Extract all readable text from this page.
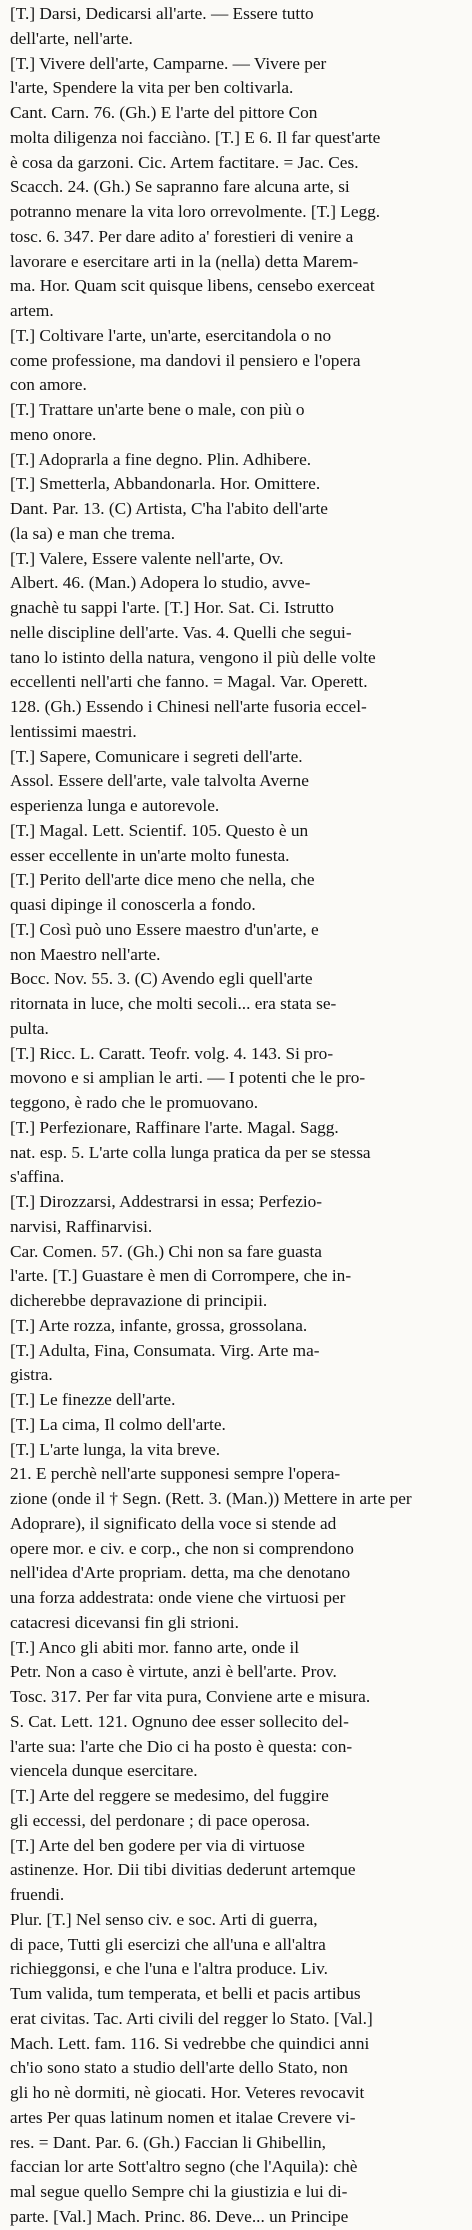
[T.] Darsi, Dedicarsi all'arte. — Essere tutto
dell'arte, nell'arte.
[T.] Vivere dell'arte, Camparne. — Vivere per
l'arte, Spendere la vita per ben coltivarla.
Cant. Carn. 76. (Gh.) E l'arte del pittore Con
molta diligenza noi facciàno. [T.] E 6. Il far quest'arte
è cosa da garzoni. Cic. Artem factitare. = Jac. Ces.
Scacch. 24. (Gh.) Se sapranno fare alcuna arte, si
potranno menare la vita loro orrevolmente. [T.] Legg.
tosc. 6. 347. Per dare adito a' forestieri di venire a
lavorare e esercitare arti in la (nella) detta Marem-
ma. Hor. Quam scit quisque libens, censebo exerceat
artem.
[T.] Coltivare l'arte, un'arte, esercitandola o no
come professione, ma dandovi il pensiero e l'opera
con amore.
[T.] Trattare un'arte bene o male, con più o
meno onore.
[T.] Adoprarla a fine degno. Plin. Adhibere.
[T.] Smetterla, Abbandonarla. Hor. Omittere.
Dant. Par. 13. (C) Artista, C'ha l'abito dell'arte
(la sa) e man che trema.
[T.] Valere, Essere valente nell'arte, Ov.
Albert. 46. (Man.) Adopera lo studio, avve-
gnachè tu sappi l'arte. [T.] Hor. Sat. Ci. Istrutto
nelle discipline dell'arte. Vas. 4. Quelli che segui-
tano lo istinto della natura, vengono il più delle volte
eccellenti nell'arti che fanno. = Magal. Var. Operett.
128. (Gh.) Essendo i Chinesi nell'arte fusoria eccel-
lentissimi maestri.
[T.] Sapere, Comunicare i segreti dell'arte.
Assol. Essere dell'arte, vale talvolta Averne
esperienza lunga e autorevole.
[T.] Magal. Lett. Scientif. 105. Questo è un
esser eccellente in un'arte molto funesta.
[T.] Perito dell'arte dice meno che nella, che
quasi dipinge il conoscerla a fondo.
[T.] Così può uno Essere maestro d'un'arte, e
non Maestro nell'arte.
Bocc. Nov. 55. 3. (C) Avendo egli quell'arte
ritornata in luce, che molti secoli... era stata se-
pulta.
[T.] Ricc. L. Caratt. Teofr. volg. 4. 143. Si pro-
movono e si amplian le arti. — I potenti che le pro-
teggono, è rado che le promuovano.
[T.] Perfezionare, Raffinare l'arte. Magal. Sagg.
nat. esp. 5. L'arte colla lunga pratica da per se stessa
s'affina.
[T.] Dirozzarsi, Addestrarsi in essa; Perfezio-
narvisi, Raffinarvisi.
Car. Comen. 57. (Gh.) Chi non sa fare guasta
l'arte. [T.] Guastare è men di Corrompere, che in-
dicherebbe depravazione di principii.
[T.] Arte rozza, infante, grossa, grossolana.
[T.] Adulta, Fina, Consumata. Virg. Arte ma-
gistra.
[T.] Le finezze dell'arte.
[T.] La cima, Il colmo dell'arte.
[T.] L'arte lunga, la vita breve.
21. E perchè nell'arte supponesi sempre l'opera-
zione (onde il † Segn. (Rett. 3. (Man.)) Mettere in arte per
Adoprare), il significato della voce si stende ad
opere mor. e civ. e corp., che non si comprendono
nell'idea d'Arte propriam. detta, ma che denotano
una forza addestrata: onde viene che virtuosi per
catacresi dicevansi fin gli strioni.
[T.] Anco gli abiti mor. fanno arte, onde il
Petr. Non a caso è virtute, anzi è bell'arte. Prov.
Tosc. 317. Per far vita pura, Conviene arte e misura.
S. Cat. Lett. 121. Ognuno dee esser sollecito del-
l'arte sua: l'arte che Dio ci ha posto è questa: con-
viencela dunque esercitare.
[T.] Arte del reggere se medesimo, del fuggire
gli eccessi, del perdonare ; di pace operosa.
[T.] Arte del ben godere per via di virtuose
astinenze. Hor. Dii tibi divitias dederunt artemque
fruendi.
Plur. [T.] Nel senso civ. e soc. Arti di guerra,
di pace, Tutti gli esercizi che all'una e all'altra
richieggonsi, e che l'una e l'altra produce. Liv.
Tum valida, tum temperata, et belli et pacis artibus
erat civitas. Tac. Arti civili del regger lo Stato. [Val.]
Mach. Lett. fam. 116. Si vedrebbe che quindici anni
ch'io sono stato a studio dell'arte dello Stato, non
gli ho nè dormiti, nè giocati. Hor. Veteres revocavit
artes Per quas latinum nomen et italae Crevere vi-
res. = Dant. Par. 6. (Gh.) Faccian li Ghibellin,
faccian lor arte Sott'altro segno (che l'Aquila): chè
mal segue quello Sempre chi la giustizia e lui di-
parte. [Val.] Mach. Princ. 86. Deve... un Principe
